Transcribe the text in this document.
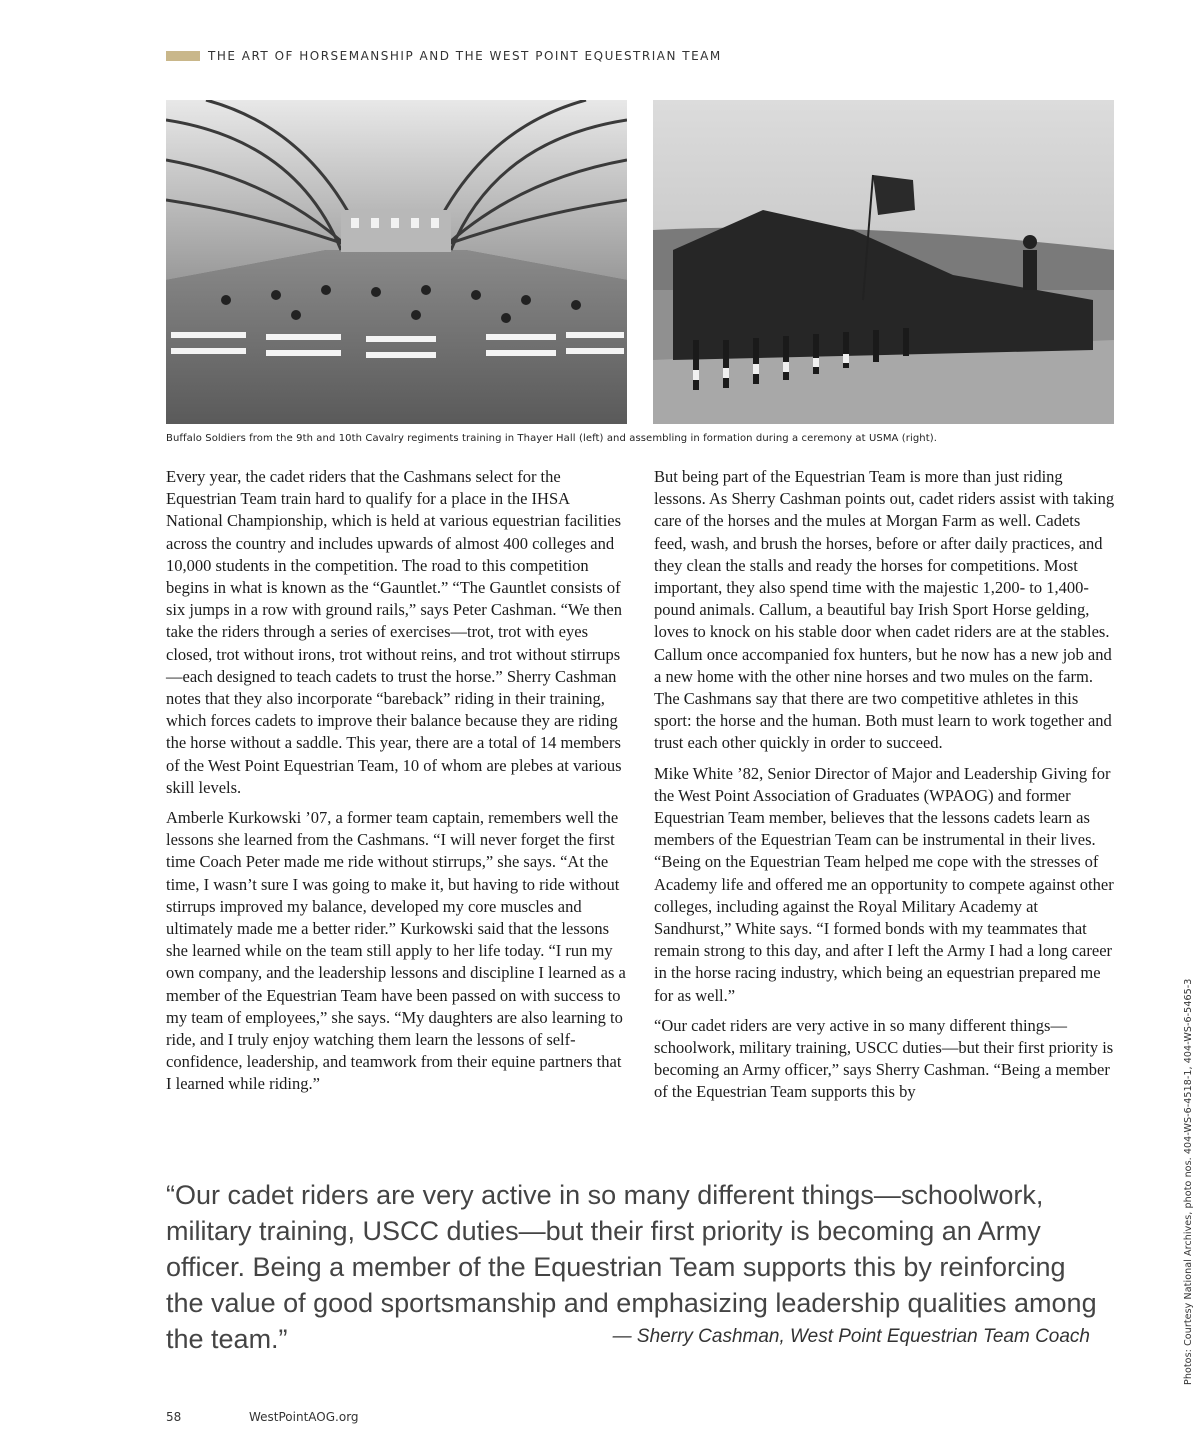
THE ART OF HORSEMANSHIP AND THE WEST POINT EQUESTRIAN TEAM
Buffalo Soldiers from the 9th and 10th Cavalry regiments training in Thayer Hall (left) and assembling in formation during a ceremony at USMA (right).

Every year, the cadet riders that the Cashmans select for the Equestrian Team train hard to qualify for a place in the IHSA National Championship, which is held at various equestrian facilities across the country and includes upwards of almost 400 colleges and 10,000 students in the competition. The road to this competition begins in what is known as the “Gauntlet.” “The Gauntlet consists of six jumps in a row with ground rails,” says Peter Cashman. “We then take the riders through a series of exercises—trot, trot with eyes closed, trot without irons, trot without reins, and trot without stirrups—each designed to teach cadets to trust the horse.” Sherry Cashman notes that they also incorporate “bareback” riding in their training, which forces cadets to improve their balance because they are riding the horse without a saddle. This year, there are a total of 14 members of the West Point Equestrian Team, 10 of whom are plebes at various skill levels.

Amberle Kurkowski ’07, a former team captain, remembers well the lessons she learned from the Cashmans. “I will never forget the first time Coach Peter made me ride without stirrups,” she says. “At the time, I wasn’t sure I was going to make it, but having to ride without stirrups improved my balance, developed my core muscles and ultimately made me a better rider.” Kurkowski said that the lessons she learned while on the team still apply to her life today. “I run my own company, and the leadership lessons and discipline I learned as a member of the Equestrian Team have been passed on with success to my team of employees,” she says. “My daughters are also learning to ride, and I truly enjoy watching them learn the lessons of self-confidence, leadership, and teamwork from their equine partners that I learned while riding.”

But being part of the Equestrian Team is more than just riding lessons. As Sherry Cashman points out, cadet riders assist with taking care of the horses and the mules at Morgan Farm as well. Cadets feed, wash, and brush the horses, before or after daily practices, and they clean the stalls and ready the horses for competitions. Most important, they also spend time with the majestic 1,200- to 1,400-pound animals. Callum, a beautiful bay Irish Sport Horse gelding, loves to knock on his stable door when cadet riders are at the stables. Callum once accompanied fox hunters, but he now has a new job and a new home with the other nine horses and two mules on the farm. The Cashmans say that there are two competitive athletes in this sport: the horse and the human. Both must learn to work together and trust each other quickly in order to succeed.

Mike White ’82, Senior Director of Major and Leadership Giving for the West Point Association of Graduates (WPAOG) and former Equestrian Team member, believes that the lessons cadets learn as members of the Equestrian Team can be instrumental in their lives. “Being on the Equestrian Team helped me cope with the stresses of Academy life and offered me an opportunity to compete against other colleges, including against the Royal Military Academy at Sandhurst,” White says. “I formed bonds with my teammates that remain strong to this day, and after I left the Army I had a long career in the horse racing industry, which being an equestrian prepared me for as well.”

“Our cadet riders are very active in so many different things—schoolwork, military training, USCC duties—but their first priority is becoming an Army officer,” says Sherry Cashman. “Being a member of the Equestrian Team supports this by

“Our cadet riders are very active in so many different things—schoolwork, military training, USCC duties—but their first priority is becoming an Army officer. Being a member of the Equestrian Team supports this by reinforcing the value of good sportsmanship and emphasizing leadership qualities among the team.”	— Sherry Cashman, West Point Equestrian Team Coach	Photos: Courtesy National Archives, photo nos. 404-WS-6-4518-1, 404-WS-6-5465-3
58	WestPointAOG.org
